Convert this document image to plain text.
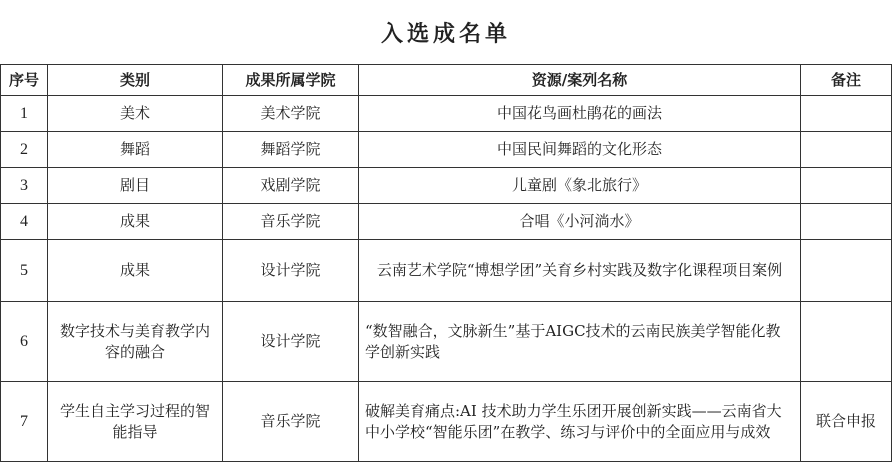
入选成名单
序号	类别	成果所属学院	资源/案列名称	备注
1	美术	美术学院	中国花鸟画杜鹃花的画法	
2	舞蹈	舞蹈学院	中国民间舞蹈的文化形态	
3	剧目	戏剧学院	儿童剧《象北旅行》	
4	成果	音乐学院	合唱《小河淌水》	
5	成果	设计学院	云南艺术学院“博想学团”关育乡村实践及数字化课程项目案例	
6	数字技术与美育教学内容的融合	设计学院	“数智融合，文脉新生”基于AIGC技术的云南民族美学智能化教学创新实践	
7	学生自主学习过程的智能指导	音乐学院	破解美育痛点:AI 技术助力学生乐团开展创新实践——云南省大中小学校“智能乐团”在教学、练习与评价中的全面应用与成效	联合申报
